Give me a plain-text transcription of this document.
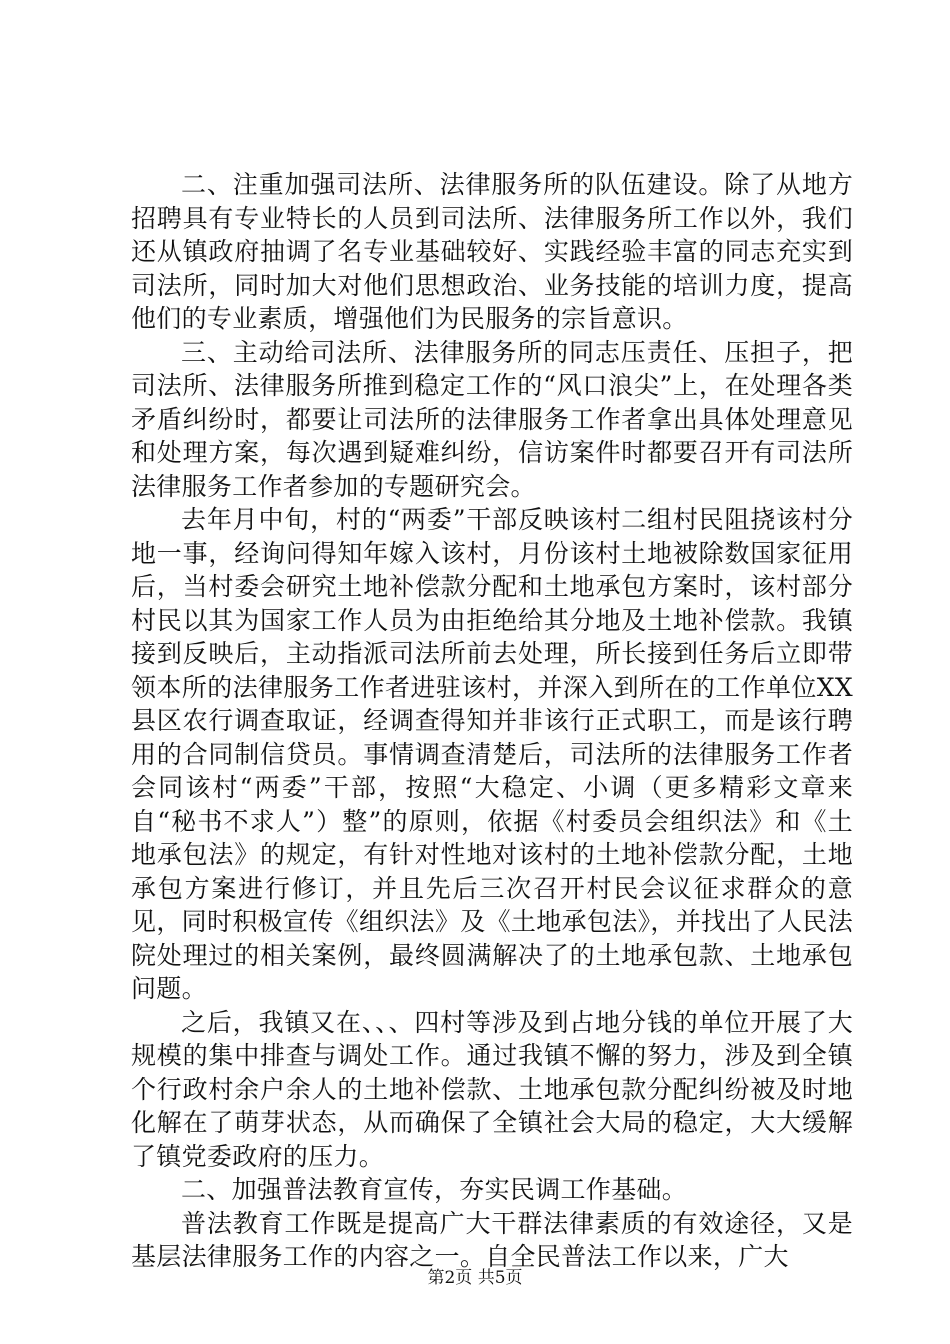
二、注重加强司法所、法律服务所的队伍建设。除了从地方招聘具有专业特长的人员到司法所、法律服务所工作以外，我们还从镇政府抽调了名专业基础较好、实践经验丰富的同志充实到司法所，同时加大对他们思想政治、业务技能的培训力度，提高他们的专业素质，增强他们为民服务的宗旨意识。

三、主动给司法所、法律服务所的同志压责任、压担子，把司法所、法律服务所推到稳定工作的“风口浪尖”上，在处理各类矛盾纠纷时，都要让司法所的法律服务工作者拿出具体处理意见和处理方案，每次遇到疑难纠纷，信访案件时都要召开有司法所法律服务工作者参加的专题研究会。

去年月中旬，村的“两委”干部反映该村二组村民阻挠该村分地一事，经询问得知年嫁入该村，月份该村土地被除数国家征用后，当村委会研究土地补偿款分配和土地承包方案时，该村部分村民以其为国家工作人员为由拒绝给其分地及土地补偿款。我镇接到反映后，主动指派司法所前去处理，所长接到任务后立即带领本所的法律服务工作者进驻该村，并深入到所在的工作单位XX县区农行调查取证，经调查得知并非该行正式职工，而是该行聘用的合同制信贷员。事情调查清楚后，司法所的法律服务工作者会同该村“两委”干部，按照“大稳定、小调（更多精彩文章来自“秘书不求人”）整”的原则，依据《村委员会组织法》和《土地承包法》的规定，有针对性地对该村的土地补偿款分配，土地承包方案进行修订，并且先后三次召开村民会议征求群众的意见，同时积极宣传《组织法》及《土地承包法》，并找出了人民法院处理过的相关案例，最终圆满解决了的土地承包款、土地承包问题。

之后，我镇又在、、、四村等涉及到占地分钱的单位开展了大规模的集中排查与调处工作。通过我镇不懈的努力，涉及到全镇个行政村余户余人的土地补偿款、土地承包款分配纠纷被及时地化解在了萌芽状态，从而确保了全镇社会大局的稳定，大大缓解了镇党委政府的压力。

二、加强普法教育宣传，夯实民调工作基础。

普法教育工作既是提高广大干群法律素质的有效途径，又是基层法律服务工作的内容之一。自全民普法工作以来，广大

第2页 共5页
